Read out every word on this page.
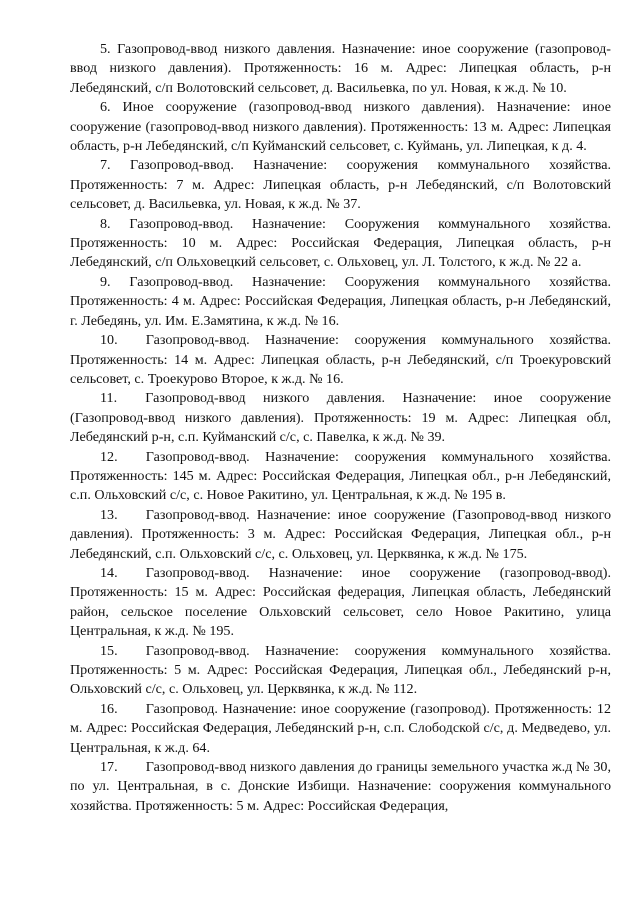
5. Газопровод-ввод низкого давления. Назначение: иное сооружение (газопровод-ввод низкого давления). Протяженность: 16 м. Адрес: Липецкая область, р-н Лебедянский, с/п Волотовский сельсовет, д. Васильевка, по ул. Новая, к ж.д. № 10.

6. Иное сооружение (газопровод-ввод низкого давления). Назначение: иное сооружение (газопровод-ввод низкого давления). Протяженность: 13 м. Адрес: Липецкая область, р-н Лебедянский, с/п Куйманский сельсовет, с. Куймань, ул. Липецкая, к д. 4.

7. Газопровод-ввод. Назначение: сооружения коммунального хозяйства. Протяженность: 7 м. Адрес: Липецкая область, р-н Лебедянский, с/п Волотовский сельсовет, д. Васильевка, ул. Новая, к ж.д. № 37.

8. Газопровод-ввод. Назначение: Сооружения коммунального хозяйства. Протяженность: 10 м. Адрес: Российская Федерация, Липецкая область, р-н Лебедянский, с/п Ольховецкий сельсовет, с. Ольховец, ул. Л. Толстого, к ж.д. № 22 а.

9. Газопровод-ввод. Назначение: Сооружения коммунального хозяйства. Протяженность: 4 м. Адрес: Российская Федерация, Липецкая область, р-н Лебедянский, г. Лебедянь, ул. Им. Е.Замятина, к ж.д. № 16.

10.  Газопровод-ввод. Назначение: сооружения коммунального хозяйства. Протяженность: 14 м. Адрес: Липецкая область, р-н Лебедянский, с/п Троекуровский сельсовет, с. Троекурово Второе, к ж.д. № 16.

11.  Газопровод-ввод низкого давления. Назначение: иное сооружение (Газопровод-ввод низкого давления). Протяженность: 19 м. Адрес: Липецкая обл, Лебедянский р-н, с.п. Куйманский с/с, с. Павелка, к ж.д. № 39.

12.  Газопровод-ввод. Назначение: сооружения коммунального хозяйства. Протяженность: 145 м. Адрес: Российская Федерация, Липецкая обл., р-н Лебедянский, с.п. Ольховский с/с, с. Новое Ракитино, ул. Центральная, к ж.д. № 195 в.

13.  Газопровод-ввод. Назначение: иное сооружение (Газопровод-ввод низкого давления). Протяженность: 3 м. Адрес: Российская Федерация, Липецкая обл., р-н Лебедянский, с.п. Ольховский с/с, с. Ольховец, ул. Церквянка, к ж.д. № 175.

14.  Газопровод-ввод. Назначение: иное сооружение (газопровод-ввод). Протяженность: 15 м. Адрес: Российская федерация, Липецкая область, Лебедянский район, сельское поселение Ольховский сельсовет, село Новое Ракитино, улица Центральная, к ж.д. № 195.

15.  Газопровод-ввод. Назначение: сооружения коммунального хозяйства. Протяженность: 5 м. Адрес: Российская Федерация, Липецкая обл., Лебедянский р-н, Ольховский с/с, с. Ольховец, ул. Церквянка, к ж.д. № 112.

16.  Газопровод. Назначение: иное сооружение (газопровод). Протяженность: 12 м. Адрес: Российская Федерация, Лебедянский р-н, с.п. Слободской с/с, д. Медведево, ул. Центральная, к ж.д. 64.

17.  Газопровод-ввод низкого давления до границы земельного участка ж.д № 30, по ул. Центральная, в с. Донские Избищи. Назначение: сооружения коммунального хозяйства. Протяженность: 5 м. Адрес: Российская Федерация,
